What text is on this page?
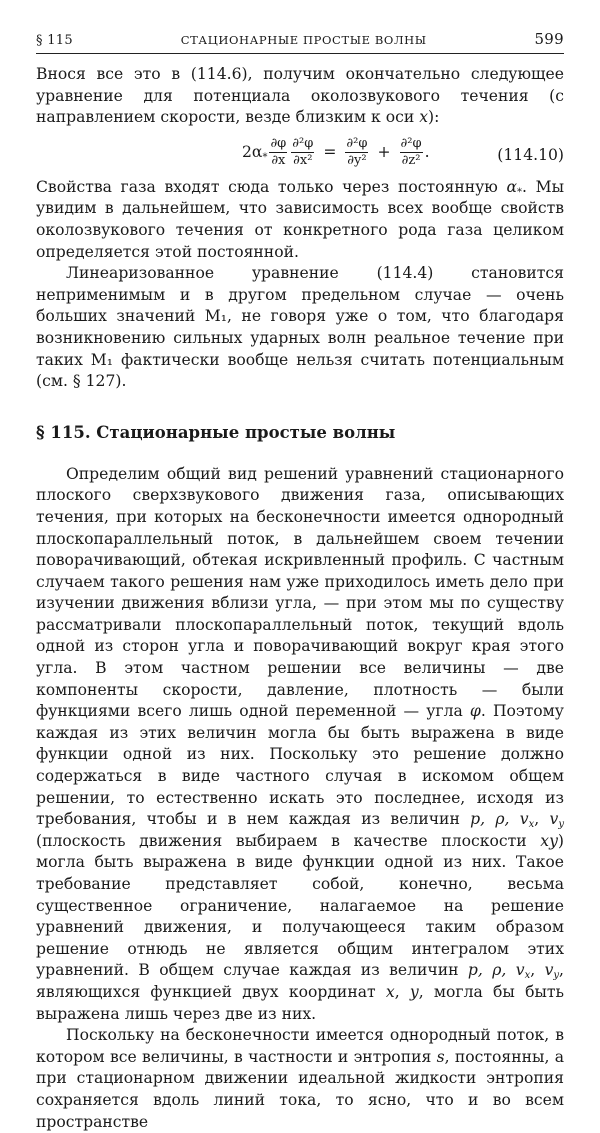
§ 115	СТАЦИОНАРНЫЕ ПРОСТЫЕ ВОЛНЫ	599

Внося все это в (114.6), получим окончательно следующее уравнение для потенциала околозвукового течения (с направлением скорости, везде близким к оси x):

$2\alpha_* \frac{\partial\varphi}{\partial x} \frac{\text{∂²φ}}{\text{∂x²}} = \frac{\text{∂²φ}}{\text{∂y²}} + \frac{\text{∂²φ}}{\text{∂z²}}$ .	(114.10)

Свойства газа входят сюда только через постоянную $\alpha_*$. Мы увидим в дальнейшем, что зависимость всех вообще свойств околозвукового течения от конкретного рода газа целиком определяется этой постоянной.

Линеаризованное уравнение (114.4) становится неприменимым и в другом предельном случае — очень больших значений M₁, не говоря уже о том, что благодаря возникновению сильных ударных волн реальное течение при таких M₁ фактически вообще нельзя считать потенциальным (см. § 127).

§ 115. Стационарные простые волны

Определим общий вид решений уравнений стационарного плоского сверхзвукового движения газа, описывающих течения, при которых на бесконечности имеется однородный плоскопараллельный поток, в дальнейшем своем течении поворачивающий, обтекая искривленный профиль. С частным случаем такого решения нам уже приходилось иметь дело при изучении движения вблизи угла, — при этом мы по существу рассматривали плоскопараллельный поток, текущий вдоль одной из сторон угла и поворачивающий вокруг края этого угла. В этом частном решении все величины — две компоненты скорости, давление, плотность — были функциями всего лишь одной переменной — угла φ. Поэтому каждая из этих величин могла бы быть выражена в виде функции одной из них. Поскольку это решение должно содержаться в виде частного случая в искомом общем решении, то естественно искать это последнее, исходя из требования, чтобы и в нем каждая из величин p, ρ, $v_x$, $v_y$ (плоскость движения выбираем в качестве плоскости xy) могла быть выражена в виде функции одной из них. Такое требование представляет собой, конечно, весьма существенное ограничение, налагаемое на решение уравнений движения, и получающееся таким образом решение отнюдь не является общим интегралом этих уравнений. В общем случае каждая из величин p, ρ, $v_x$, $v_y$, являющихся функцией двух координат x, y, могла бы быть выражена лишь через две из них.

Поскольку на бесконечности имеется однородный поток, в котором все величины, в частности и энтропия s, постоянны, а при стационарном движении идеальной жидкости энтропия сохраняется вдоль линий тока, то ясно, что и во всем пространстве
